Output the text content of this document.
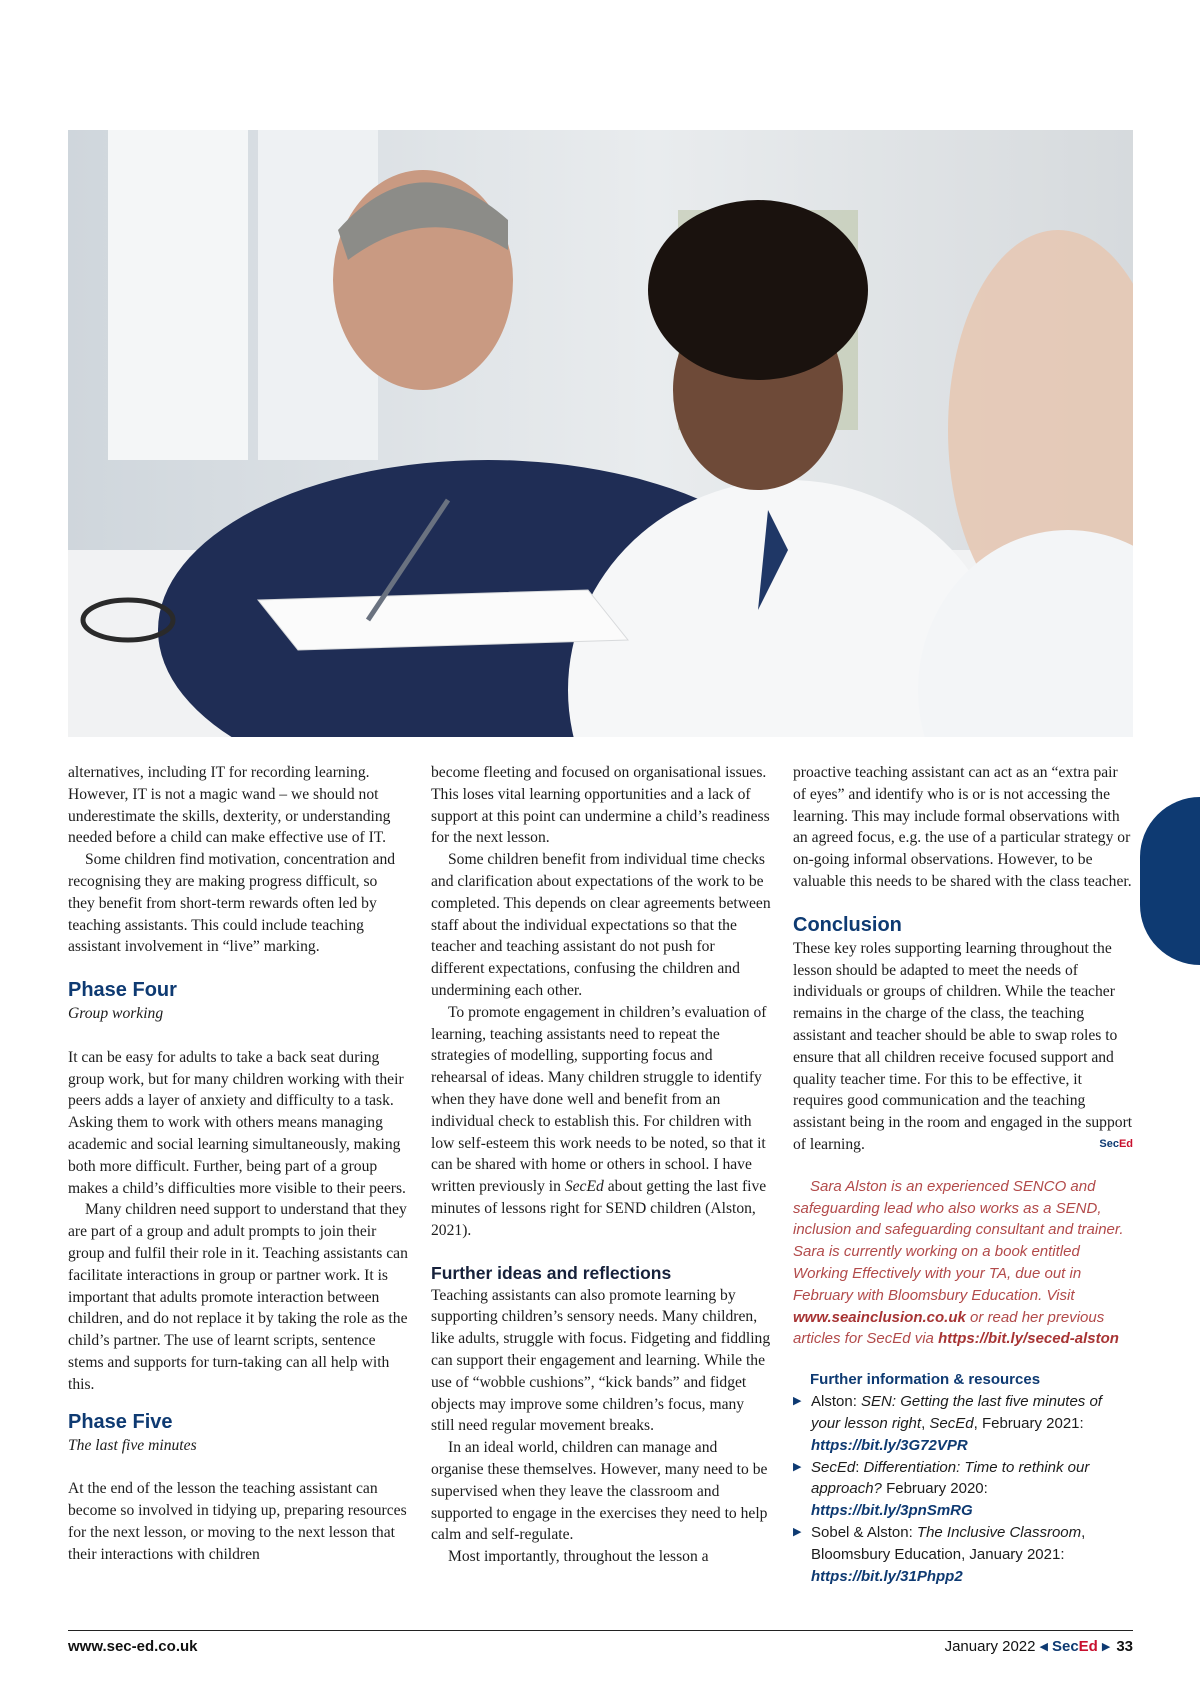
alternatives, including IT for recording learning. However, IT is not a magic wand – we should not underestimate the skills, dexterity, or understanding needed before a child can make effective use of IT.

Some children find motivation, concentration and recognising they are making progress difficult, so they benefit from short-term rewards often led by teaching assistants. This could include teaching assistant involvement in “live” marking.

Phase Four

Group working

It can be easy for adults to take a back seat during group work, but for many children working with their peers adds a layer of anxiety and difficulty to a task. Asking them to work with others means managing academic and social learning simultaneously, making both more difficult. Further, being part of a group makes a child’s difficulties more visible to their peers.

Many children need support to understand that they are part of a group and adult prompts to join their group and fulfil their role in it. Teaching assistants can facilitate interactions in group or partner work. It is important that adults promote interaction between children, and do not replace it by taking the role as the child’s partner. The use of learnt scripts, sentence stems and supports for turn-taking can all help with this.

Phase Five

The last five minutes

At the end of the lesson the teaching assistant can become so involved in tidying up, preparing resources for the next lesson, or moving to the next lesson that their interactions with children

become fleeting and focused on organisational issues. This loses vital learning opportunities and a lack of support at this point can undermine a child’s readiness for the next lesson.

Some children benefit from individual time checks and clarification about expectations of the work to be completed. This depends on clear agreements between staff about the individual expectations so that the teacher and teaching assistant do not push for different expectations, confusing the children and undermining each other.

To promote engagement in children’s evaluation of learning, teaching assistants need to repeat the strategies of modelling, supporting focus and rehearsal of ideas. Many children struggle to identify when they have done well and benefit from an individual check to establish this. For children with low self-esteem this work needs to be noted, so that it can be shared with home or others in school. I have written previously in SecEd about getting the last five minutes of lessons right for SEND children (Alston, 2021).

Further ideas and reflections

Teaching assistants can also promote learning by supporting children’s sensory needs. Many children, like adults, struggle with focus. Fidgeting and fiddling can support their engagement and learning. While the use of “wobble cushions”, “kick bands” and fidget objects may improve some children’s focus, many still need regular movement breaks.

In an ideal world, children can manage and organise these themselves. However, many need to be supervised when they leave the classroom and supported to engage in the exercises they need to help calm and self-regulate.

Most importantly, throughout the lesson a

proactive teaching assistant can act as an “extra pair of eyes” and identify who is or is not accessing the learning. This may include formal observations with an agreed focus, e.g. the use of a particular strategy or on-going informal observations. However, to be valuable this needs to be shared with the class teacher.

Conclusion

These key roles supporting learning throughout the lesson should be adapted to meet the needs of individuals or groups of children. While the teacher remains in the charge of the class, the teaching assistant and teacher should be able to swap roles to ensure that all children receive focused support and quality teacher time. For this to be effective, it requires good communication and the teaching assistant being in the room and engaged in the support of learning.	SecEd

Sara Alston is an experienced SENCO and safeguarding lead who also works as a SEND, inclusion and safeguarding consultant and trainer. Sara is currently working on a book entitled Working Effectively with your TA, due out in February with Bloomsbury Education. Visit www.seainclusion.co.uk or read her previous articles for SecEd via https://bit.ly/seced-alston

Further information & resources

▶ Alston: SEN: Getting the last five minutes of your lesson right, SecEd, February 2021:
https://bit.ly/3G72VPR
▶ SecEd: Differentiation: Time to rethink our approach? February 2020:
https://bit.ly/3pnSmRG
▶ Sobel & Alston: The Inclusive Classroom, Bloomsbury Education, January 2021:
https://bit.ly/31Phpp2
www.sec-ed.co.uk	January 2022 ◀ SecEd ▶ 33
